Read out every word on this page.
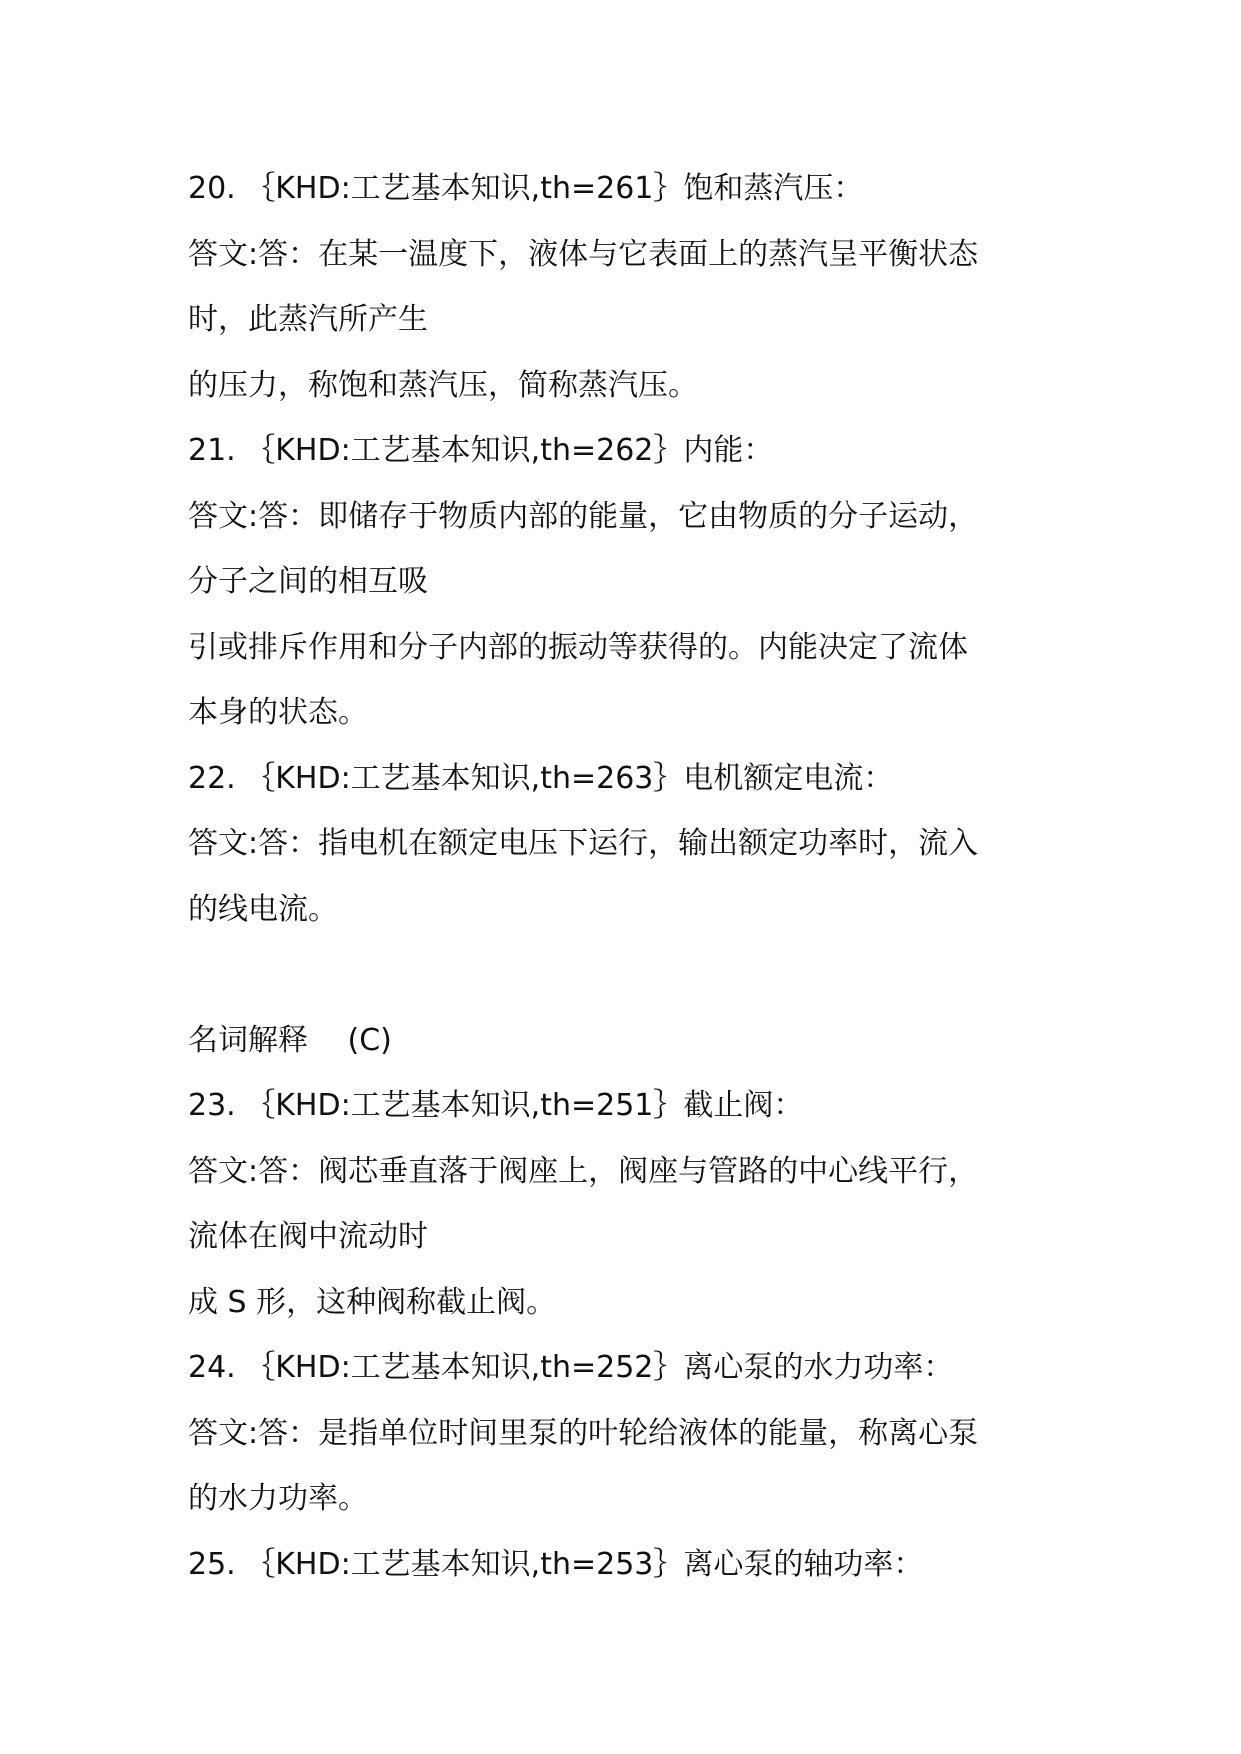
20. ｛KHD:工艺基本知识,th=261｝饱和蒸汽压：
答文:答：在某一温度下，液体与它表面上的蒸汽呈平衡状态
时，此蒸汽所产生
的压力，称饱和蒸汽压，简称蒸汽压。
21. ｛KHD:工艺基本知识,th=262｝内能：
答文:答：即储存于物质内部的能量，它由物质的分子运动，
分子之间的相互吸
引或排斥作用和分子内部的振动等获得的。内能决定了流体
本身的状态。
22. ｛KHD:工艺基本知识,th=263｝电机额定电流：
答文:答：指电机在额定电压下运行，输出额定功率时，流入
的线电流。
名词解释　 (C)
23. ｛KHD:工艺基本知识,th=251｝截止阀：
答文:答：阀芯垂直落于阀座上，阀座与管路的中心线平行，
流体在阀中流动时
成 S 形，这种阀称截止阀。
24. ｛KHD:工艺基本知识,th=252｝离心泵的水力功率：
答文:答：是指单位时间里泵的叶轮给液体的能量，称离心泵
的水力功率。
25. ｛KHD:工艺基本知识,th=253｝离心泵的轴功率：
